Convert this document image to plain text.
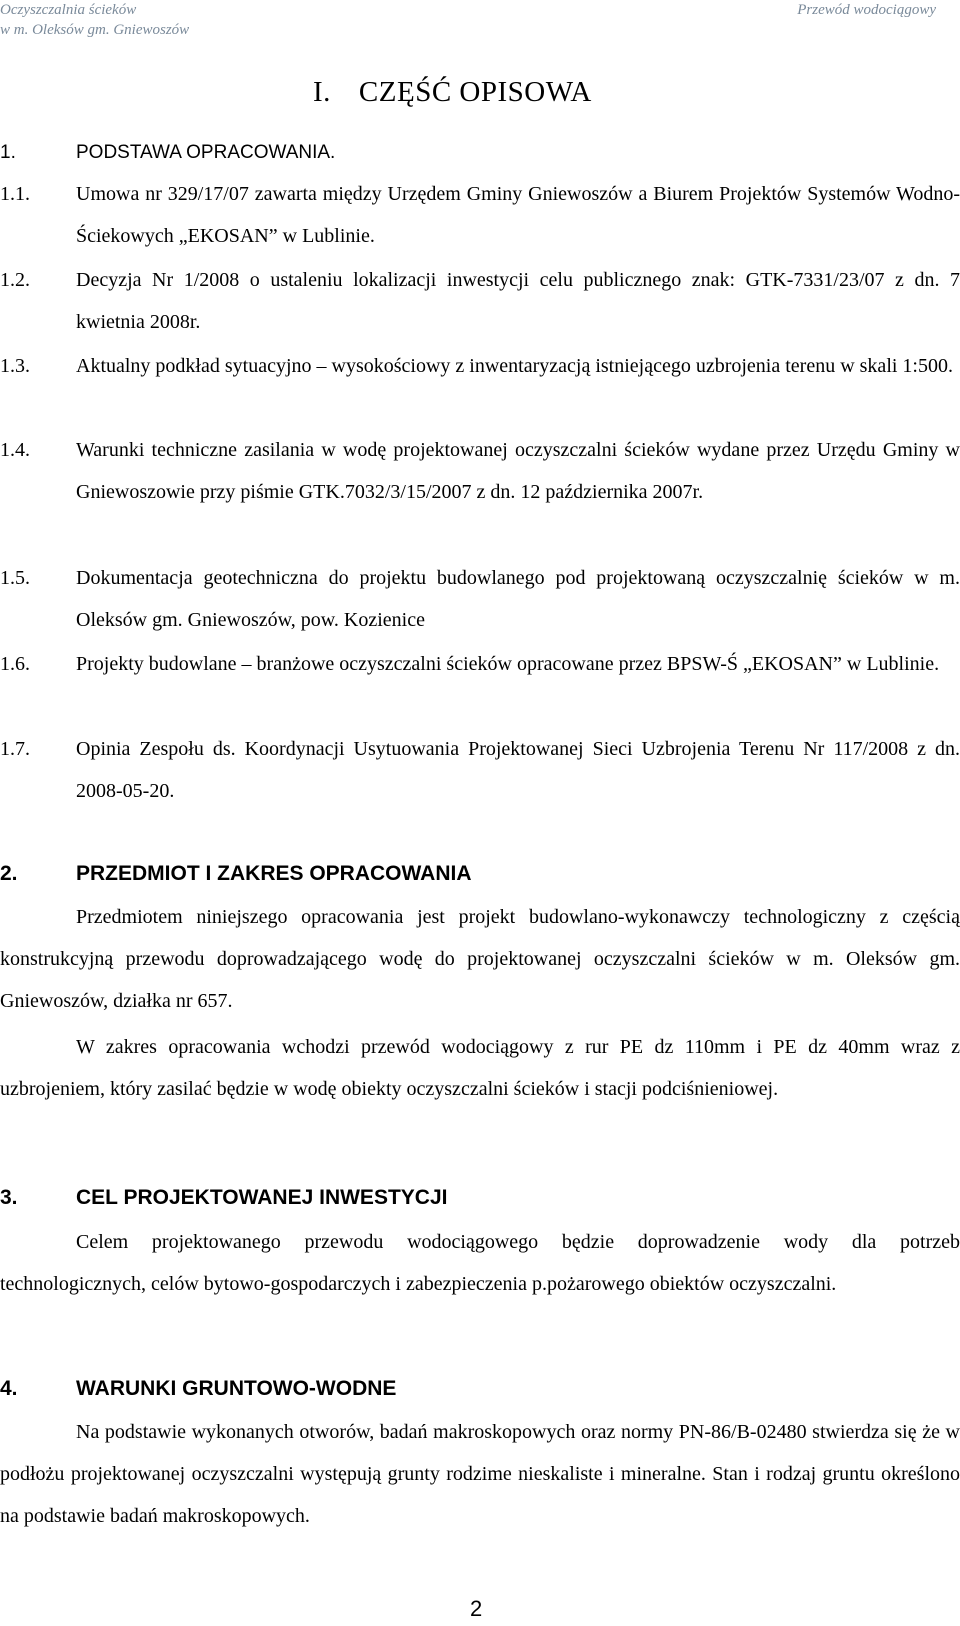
Oczyszczalnia ścieków
w m. Oleksów gm. Gniewoszów
Przewód wodociągowy
I. CZĘŚĆ OPISOWA
1.	PODSTAWA OPRACOWANIA.
1.1. Umowa nr 329/17/07 zawarta między Urzędem Gminy Gniewoszów a Biurem Projektów Systemów Wodno-Ściekowych „EKOSAN” w Lublinie.
1.2. Decyzja Nr 1/2008 o ustaleniu lokalizacji inwestycji celu publicznego znak: GTK-7331/23/07 z dn. 7 kwietnia 2008r.
1.3. Aktualny podkład sytuacyjno – wysokościowy z inwentaryzacją istniejącego uzbrojenia terenu w skali 1:500.
1.4. Warunki techniczne zasilania w wodę projektowanej oczyszczalni ścieków wydane przez Urzędu Gminy w Gniewoszowie przy piśmie GTK.7032/3/15/2007 z dn. 12 października 2007r.
1.5. Dokumentacja geotechniczna do projektu budowlanego pod projektowaną oczyszczalnię ścieków w m. Oleksów gm. Gniewoszów, pow. Kozienice
1.6. Projekty budowlane – branżowe oczyszczalni ścieków opracowane przez BPSW-Ś „EKOSAN” w Lublinie.
1.7. Opinia Zespołu ds. Koordynacji Usytuowania Projektowanej Sieci Uzbrojenia Terenu Nr 117/2008 z dn. 2008-05-20.
2.	PRZEDMIOT I ZAKRES OPRACOWANIA
Przedmiotem niniejszego opracowania jest projekt budowlano-wykonawczy technologiczny z częścią konstrukcyjną przewodu doprowadzającego wodę do projektowanej oczyszczalni ścieków w m. Oleksów gm. Gniewoszów, działka nr 657.
W zakres opracowania wchodzi przewód wodociągowy z rur PE dz 110mm i PE dz 40mm wraz z uzbrojeniem, który zasilać będzie w wodę obiekty oczyszczalni ścieków i stacji podciśnieniowej.
3.	CEL PROJEKTOWANEJ INWESTYCJI
Celem projektowanego przewodu wodociągowego będzie doprowadzenie wody dla potrzeb technologicznych, celów bytowo-gospodarczych i zabezpieczenia p.pożarowego obiektów oczyszczalni.
4.	WARUNKI GRUNTOWO-WODNE
Na podstawie wykonanych otworów, badań makroskopowych oraz normy PN-86/B-02480 stwierdza się że w podłożu projektowanej oczyszczalni występują grunty rodzime nieskaliste i mineralne. Stan i rodzaj gruntu określono na podstawie badań makroskopowych.
2
